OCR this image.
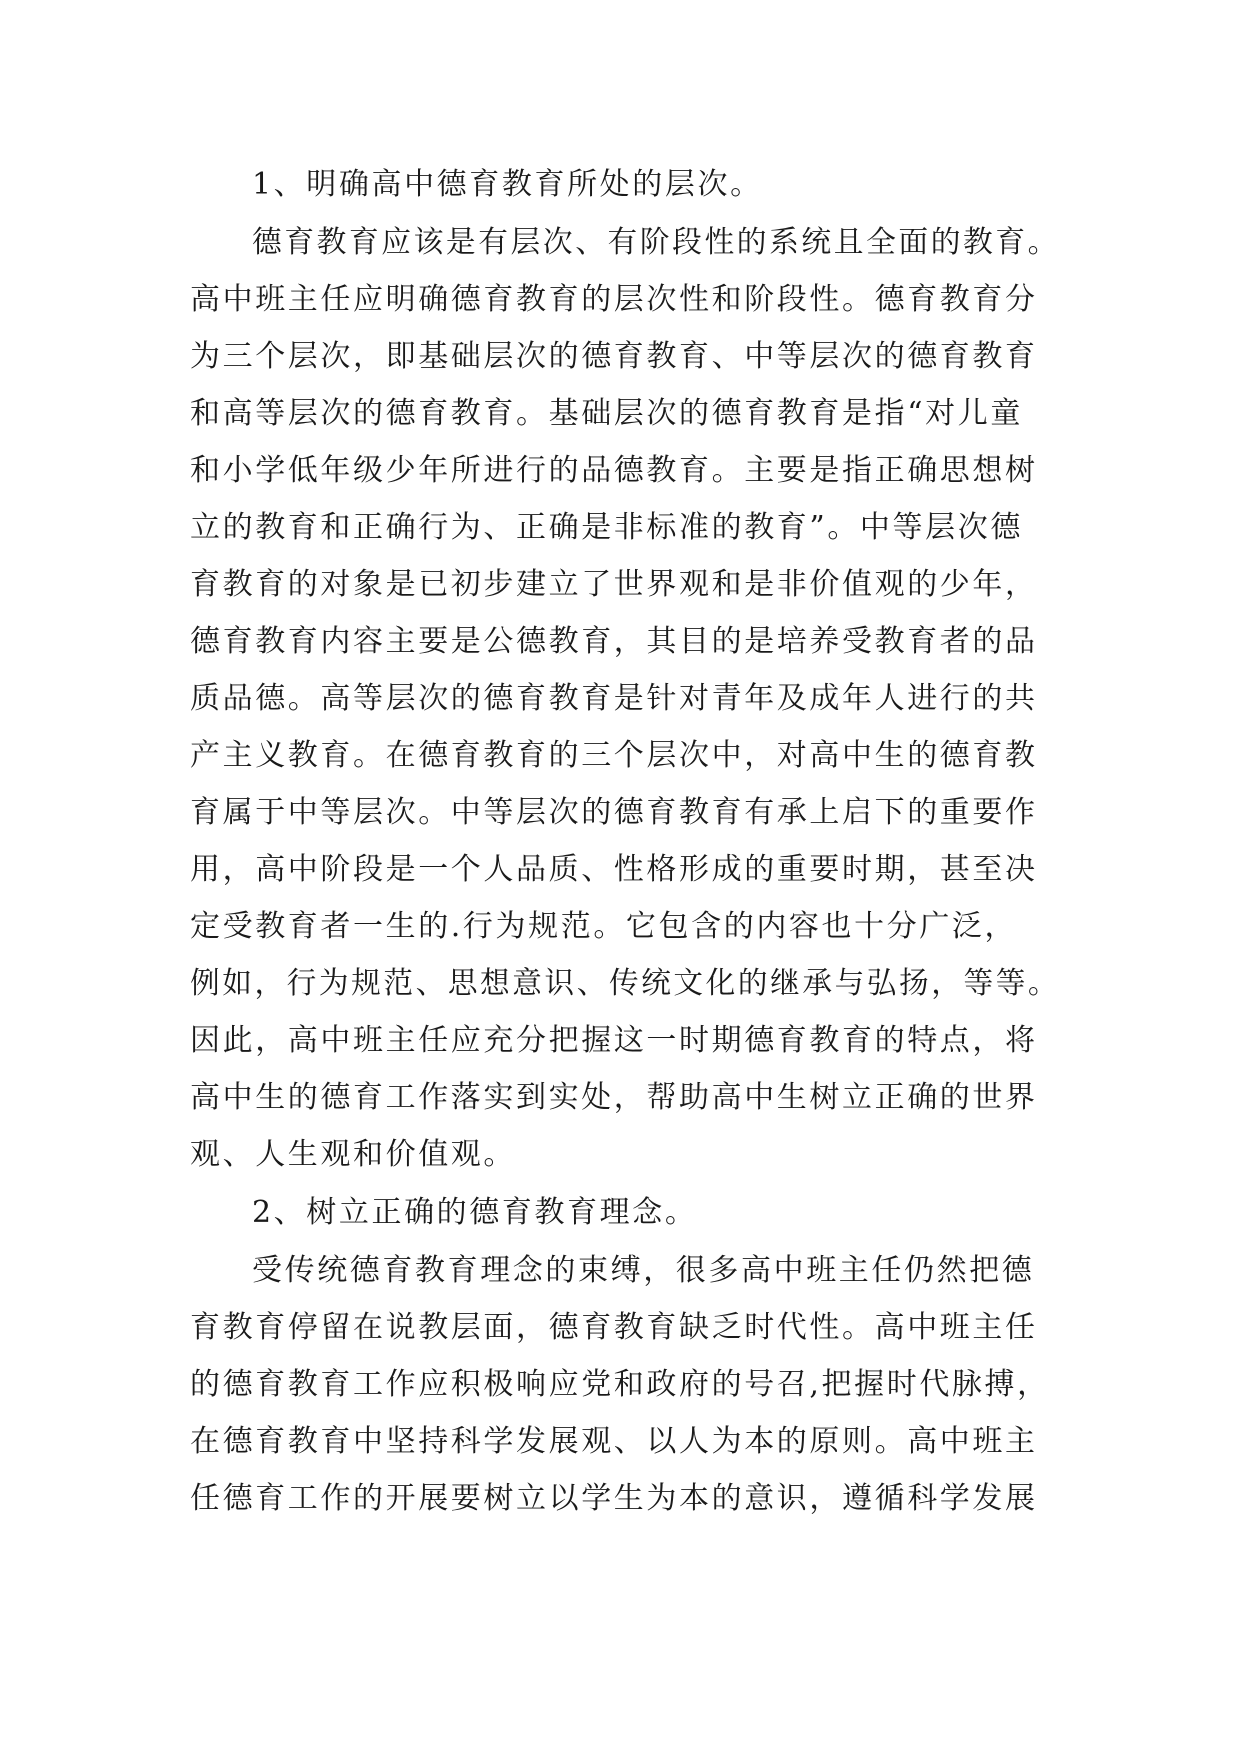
1、明确高中德育教育所处的层次。
德育教育应该是有层次、有阶段性的系统且全面的教育。
高中班主任应明确德育教育的层次性和阶段性。德育教育分
为三个层次，即基础层次的德育教育、中等层次的德育教育
和高等层次的德育教育。基础层次的德育教育是指“对儿童
和小学低年级少年所进行的品德教育。主要是指正确思想树
立的教育和正确行为、正确是非标准的教育”。中等层次德
育教育的对象是已初步建立了世界观和是非价值观的少年，
德育教育内容主要是公德教育，其目的是培养受教育者的品
质品德。高等层次的德育教育是针对青年及成年人进行的共
产主义教育。在德育教育的三个层次中，对高中生的德育教
育属于中等层次。中等层次的德育教育有承上启下的重要作
用，高中阶段是一个人品质、性格形成的重要时期，甚至决
定受教育者一生的.行为规范。它包含的内容也十分广泛，
例如，行为规范、思想意识、传统文化的继承与弘扬，等等。
因此，高中班主任应充分把握这一时期德育教育的特点，将
高中生的德育工作落实到实处，帮助高中生树立正确的世界
观、人生观和价值观。
2、树立正确的德育教育理念。
受传统德育教育理念的束缚，很多高中班主任仍然把德
育教育停留在说教层面，德育教育缺乏时代性。高中班主任
的德育教育工作应积极响应党和政府的号召,把握时代脉搏，
在德育教育中坚持科学发展观、以人为本的原则。高中班主
任德育工作的开展要树立以学生为本的意识，遵循科学发展
